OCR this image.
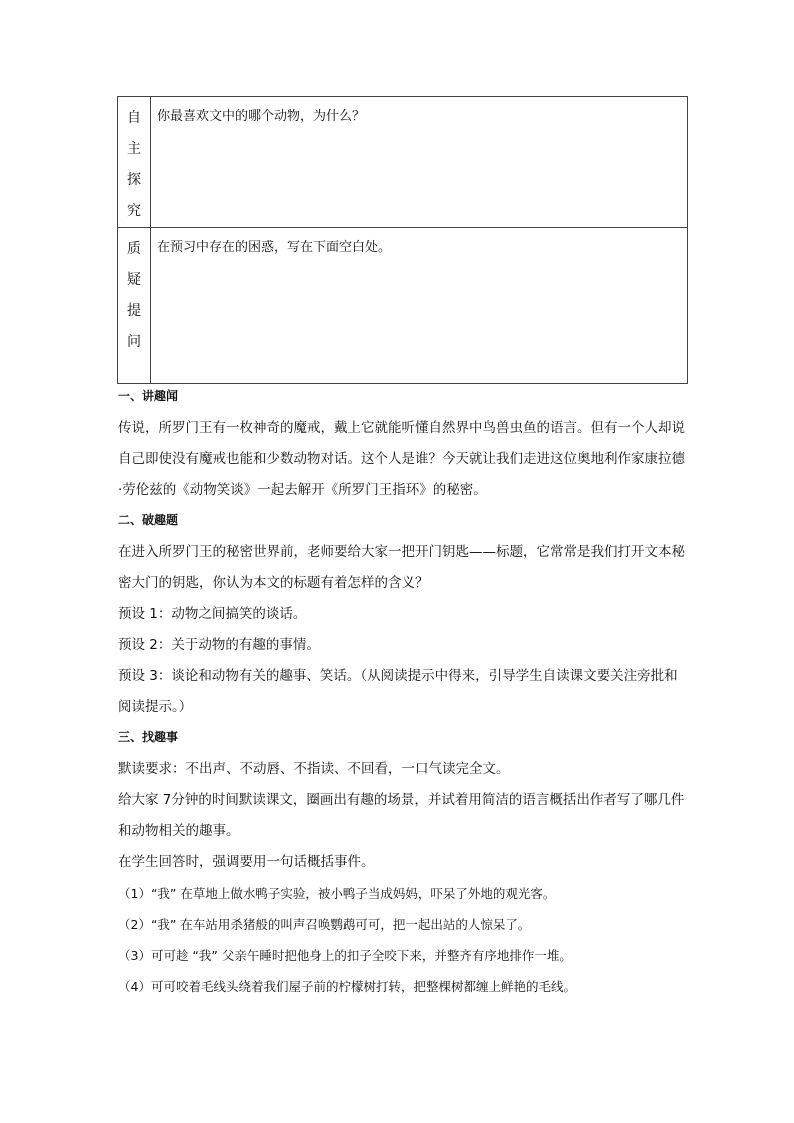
自
主
探
究	你最喜欢文中的哪个动物，为什么？

质
疑
提
问	在预习中存在的困惑，写在下面空白处。
一、讲趣闻

传说，所罗门王有一枚神奇的魔戒，戴上它就能听懂自然界中鸟兽虫鱼的语言。但有一个人却说自己即使没有魔戒也能和少数动物对话。这个人是谁？今天就让我们走进这位奥地利作家康拉德·劳伦兹的《动物笑谈》一起去解开《所罗门王指环》的秘密。

二、破趣题

在进入所罗门王的秘密世界前，老师要给大家一把开门钥匙——标题，它常常是我们打开文本秘密大门的钥匙，你认为本文的标题有着怎样的含义？

预设 1：动物之间搞笑的谈话。

预设 2：关于动物的有趣的事情。

预设 3：谈论和动物有关的趣事、笑话。（从阅读提示中得来，引导学生自读课文要关注旁批和阅读提示。）

三、找趣事

默读要求：不出声、不动唇、不指读、不回看，一口气读完全文。

给大家 7分钟的时间默读课文，圈画出有趣的场景，并试着用简洁的语言概括出作者写了哪几件和动物相关的趣事。

在学生回答时，强调要用一句话概括事件。

（1）“我” 在草地上做水鸭子实验，被小鸭子当成妈妈，吓呆了外地的观光客。

（2）“我” 在车站用杀猪般的叫声召唤鹦鹉可可，把一起出站的人惊呆了。

（3）可可趁 “我” 父亲午睡时把他身上的扣子全咬下来，并整齐有序地排作一堆。

（4）可可咬着毛线头绕着我们屋子前的柠檬树打转，把整棵树都缠上鲜艳的毛线。
